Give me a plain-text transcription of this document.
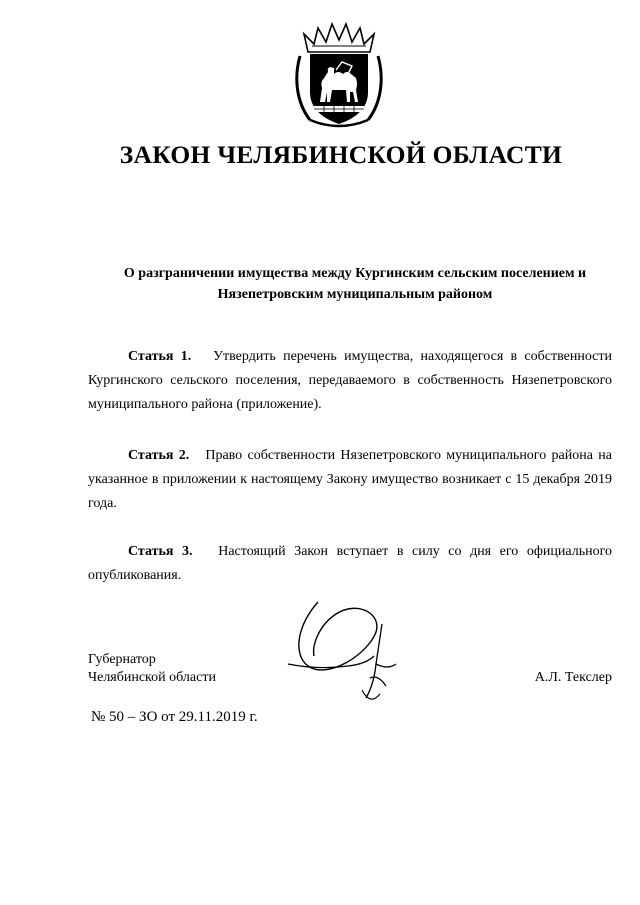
ЗАКОН ЧЕЛЯБИНСКОЙ ОБЛАСТИ
О разграничении имущества между Кургинским сельским поселением и
Нязепетровским муниципальным районом

Статья 1. Утвердить перечень имущества, находящегося в собственности Кургинского сельского поселения, передаваемого в собственность Нязепетровского муниципального района (приложение).

Статья 2. Право собственности Нязепетровского муниципального района на указанное в приложении к настоящему Закону имущество возникает с 15 декабря 2019 года.

Статья 3. Настоящий Закон вступает в силу со дня его официального опубликования.

Губернатор
Челябинской области	А.Л. Текслер
№ 50 – ЗО от 29.11.2019 г.
